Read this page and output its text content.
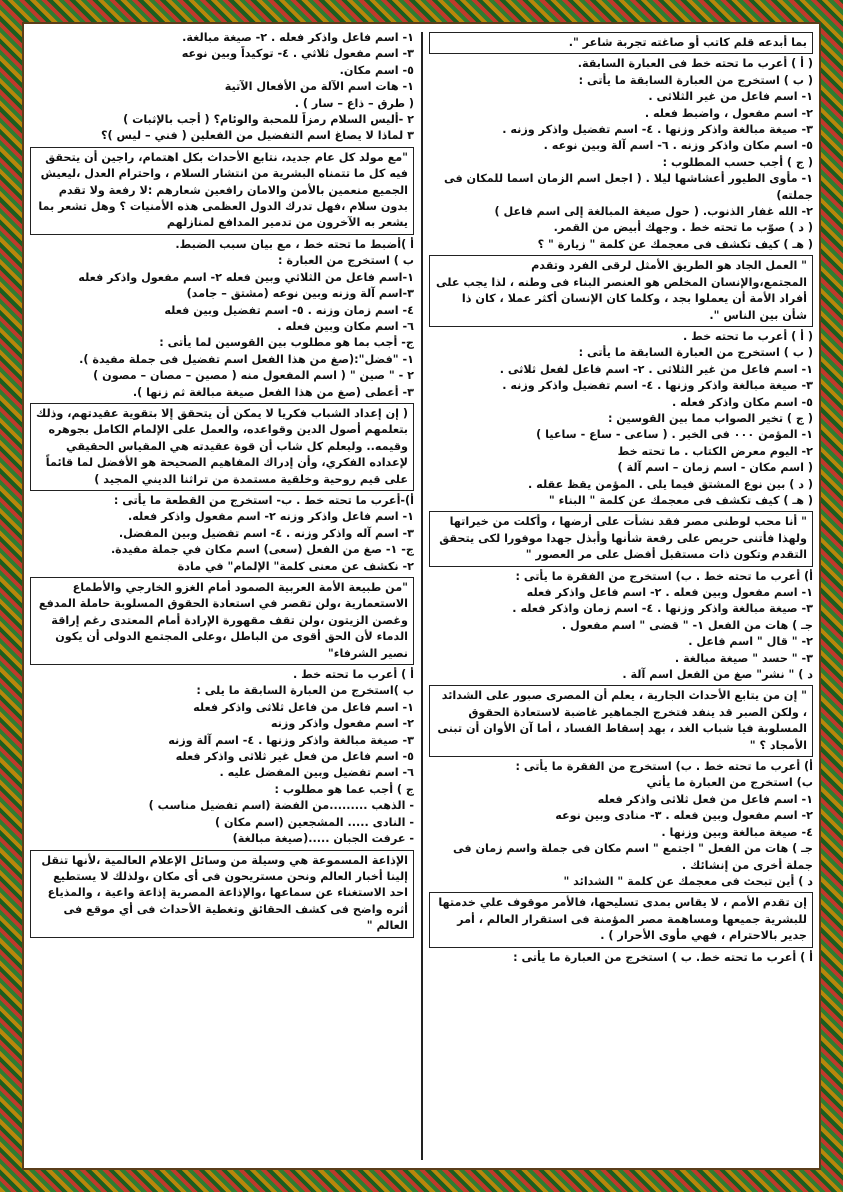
بما أبدعه قلم كاتب أو صاغته تجربة شاعر ".
( أ ) أعرب ما تحته خط فى العبارة السابقة.
( ب ) استخرج من العبارة السابقة ما يأتى :
١- اسم فاعل من غير الثلاثى .
٢- اسم مفعول ، واضبط فعله .
٣- صيغة مبالغة واذكر وزنها . ٤- اسم تفضيل واذكر وزنه .
٥- اسم مكان واذكر وزنه . ٦- اسم آلة وبين نوعه .
( ج ) أجب حسب المطلوب :
١- مأوى الطيور أعشاشها ليلا . ( اجعل اسم الزمان اسما للمكان فى جملته)
٢- الله غفار الذنوب. ( حول صيغة المبالغة إلى اسم فاعل )
( د ) صوّب ما تحته خط . وجهك أبيض من القمر.
( هـ ) كيف تكشف فى معجمك عن كلمة " زيارة " ؟
" العمل الجاد هو الطريق الأمثل لرقى الفرد وتقدم المجتمع،والإنسان المخلص هو العنصر البناء فى وطنه ، لذا يجب على أفراد الأمة أن يعملوا بجد ، وكلما كان الإنسان أكثر عملا ، كان ذا شأن بين الناس ".
( أ ) أعرب ما تحته خط .
( ب ) استخرج من العبارة السابقة ما يأتى :
١- اسم فاعل من غير الثلاثى . ٢- اسم فاعل لفعل ثلاثى .
٣- صيغة مبالغة واذكر وزنها . ٤- اسم تفضيل واذكر وزنه .
٥- اسم مكان واذكر فعله .
( ج ) تخير الصواب مما بين القوسين :
١- المؤمن ٠٠٠ فى الخير . ( ساعى - ساع - ساعيا )
٢- اليوم معرض الكتاب . ما تحته خط
( اسم مكان - اسم زمان – اسم آلة )
( د ) بين نوع المشتق فيما يلى . المؤمن يقظ عقله .
( هـ ) كيف تكشف فى معجمك عن كلمة " البناء "
" أنا محب لوطنى مصر فقد نشأت على أرضها ، وأكلت من خيراتها ولهذا فأتنى حريص على رفعة شأنها وأبذل جهدا موفورا لكى يتحقق التقدم وتكون ذات مستقبل أفضل على مر العصور "
أ) أعرب ما تحته خط . ب) استخرج من الفقرة ما يأتى :
١- اسم مفعول وبين فعله . ٢- اسم فاعل واذكر فعله
٣- صيغة مبالغة واذكر وزنها . ٤- اسم زمان واذكر فعله .
جـ ) هات من الفعل ١- " قضى " اسم مفعول .
٢- " قال " اسم فاعل .
٣- " حسد " صيغة مبالغة .
د ) " نشر" صغ من الفعل اسم آلة .
" إن من يتابع الأحداث الجارية ، يعلم أن المصرى صبور على الشدائد ، ولكن الصبر قد ينفد فتخرج الجماهير غاضبة لاستعادة الحقوق المسلوبة فيا شباب الغد ، بهد إسقاط الفساد ، أما آن الأوان أن تبنى الأمجاد ؟ "
أ) أعرب ما تحته خط . ب) استخرج من الفقرة ما يأتى :
ب) استخرج من العبارة ما يأتي
١- اسم فاعل من فعل ثلاثى واذكر فعله
٢- اسم مفعول وبين فعله . ٣- منادى وبين نوعه
٤- صيغة مبالغة وبين وزنها .
جـ ) هات من الفعل " اجتمع " اسم مكان فى جملة واسم زمان فى جملة أخرى من إنشائك .
د ) أين تبحث فى معجمك عن كلمة " الشدائد "
إن تقدم الأمم ، لا يقاس بمدى تسليحها، فالأمر موقوف علي خدمتها للبشرية جميعها ومساهمة مصر المؤمنة فى استقرار العالم ، أمر جدير بالاحترام ، فهي مأوى الأحرار ) .
أ ) أعرب ما تحته خط. ب ) استخرج من العبارة ما يأتى :
١- اسم فاعل واذكر فعله . ٢- صيغة مبالغة.
٣- اسم مفعول ثلاثي . ٤- توكيداً وبين نوعه
٥- اسم مكان.
١- هات اسم الآلة من الأفعال الآتية
( طرق – ذاع – سار ) .
٢ -أليس السلام رمزاً للمحبة والوئام؟ ( أجب بالإثبات )
٣ لماذا لا يصاغ اسم التفضيل من الفعلين ( فني – ليس )؟
"مع مولد كل عام جديد، نتابع الأحداث بكل اهتمام، راجين أن يتحقق فيه كل ما تتمناه البشرية من انتشار السلام ، واحترام العدل ،ليعيش الجميع منعمين بالأمن والامان رافعين شعارهم :لا رفعة ولا تقدم بدون سلام ،فهل تدرك الدول العظمى هذه الأمنيات ؟ وهل تشعر بما يشعر به الآخرون من تدمير المدافع لمنازلهم
أ )أضبط ما تحته خط ، مع بيان سبب الضبط.
ب ) استخرج من العبارة :
١-اسم فاعل من الثلاثي وبين فعله ٢- اسم مفعول واذكر فعله
٣-اسم آلة وزنه وبين نوعه (مشتق – جامد)
٤- اسم زمان وزنه . ٥- اسم تفضيل وبين فعله
٦- اسم مكان وبين فعله .
ج- أجب بما هو مطلوب بين القوسين لما يأتى :
١- "فضل":(صغ من هذا الفعل اسم تفضيل فى جملة مفيدة ).
٢ - " صين " ( اسم المفعول منه ( مصين – مصان – مصون )
٣- أعطى (صغ من هذا الفعل صيغة مبالغة ثم زنها ).
( إن إعداد الشباب فكريا لا يمكن أن يتحقق إلا بتقوية عقيدتهم، وذلك بتعلمهم أصول الدين وقواعده، والعمل على الإلمام الكامل بجوهره وقيمه.. وليعلم كل شاب أن قوة عقيدته هي المقياس الحقيقي لإعداده الفكري، وأن إدراك المفاهيم الصحيحة هو الأفضل لما قائماً على قيم روحية وخلقية مستمدة من تراثنا الديني المجيد )
أ)-أعرب ما تحته خط . ب- استخرج من القطعة ما يأتى :
١- اسم فاعل واذكر وزنه ٢- اسم مفعول واذكر فعله.
٣- اسم آله واذكر وزنه . ٤- اسم تفضيل وبين المفضل.
ج- ١- صغ من الفعل (سعى) اسم مكان في جملة مفيدة.
٢- نكشف عن معنى كلمة" الإلمام" في مادة
"من طبيعة الأمة العربية الصمود أمام الغزو الخارجي والأطماع الاستعمارية ،ولن تقصر في استعادة الحقوق المسلوبة حاملة المدفع وغصن الزيتون ،ولن تقف مقهورة الإرادة أمام المعتدى رغم إراقة الدماء لأن الحق أقوى من الباطل ،وعلى المجتمع الدولى أن يكون نصير الشرفاء"
أ ) أعرب ما تحته خط .
ب )استخرج من العبارة السابقة ما يلى :
١- اسم فاعل من فاعل ثلاثى واذكر فعله
٢- اسم مفعول واذكر وزنه
٣- صيغة مبالغة واذكر وزنها . ٤- اسم آلة وزنه
٥- اسم فاعل من فعل غير ثلاثى واذكر فعله
٦- اسم تفضيل وبين المفضل عليه .
ج ) أجب عما هو مطلوب :
- الذهب .........من الفضة (اسم تفضيل مناسب )
- النادى ..... المشجعين (اسم مكان )
- عرفت الجبان .....(صيغة مبالغة)
الإذاعة المسموعة هي وسيلة من وسائل الإعلام العالمية ،لأنها تنقل إلينا أخبار العالم ونحن مستريحون فى أى مكان ،ولذلك لا يستطيع احد الاستغناء عن سماعها ،والإذاعة المصرية إذاعة واعية ، والمذياع أثره واضح فى كشف الحقائق وتغطية الأحداث فى أي موقع فى العالم "
